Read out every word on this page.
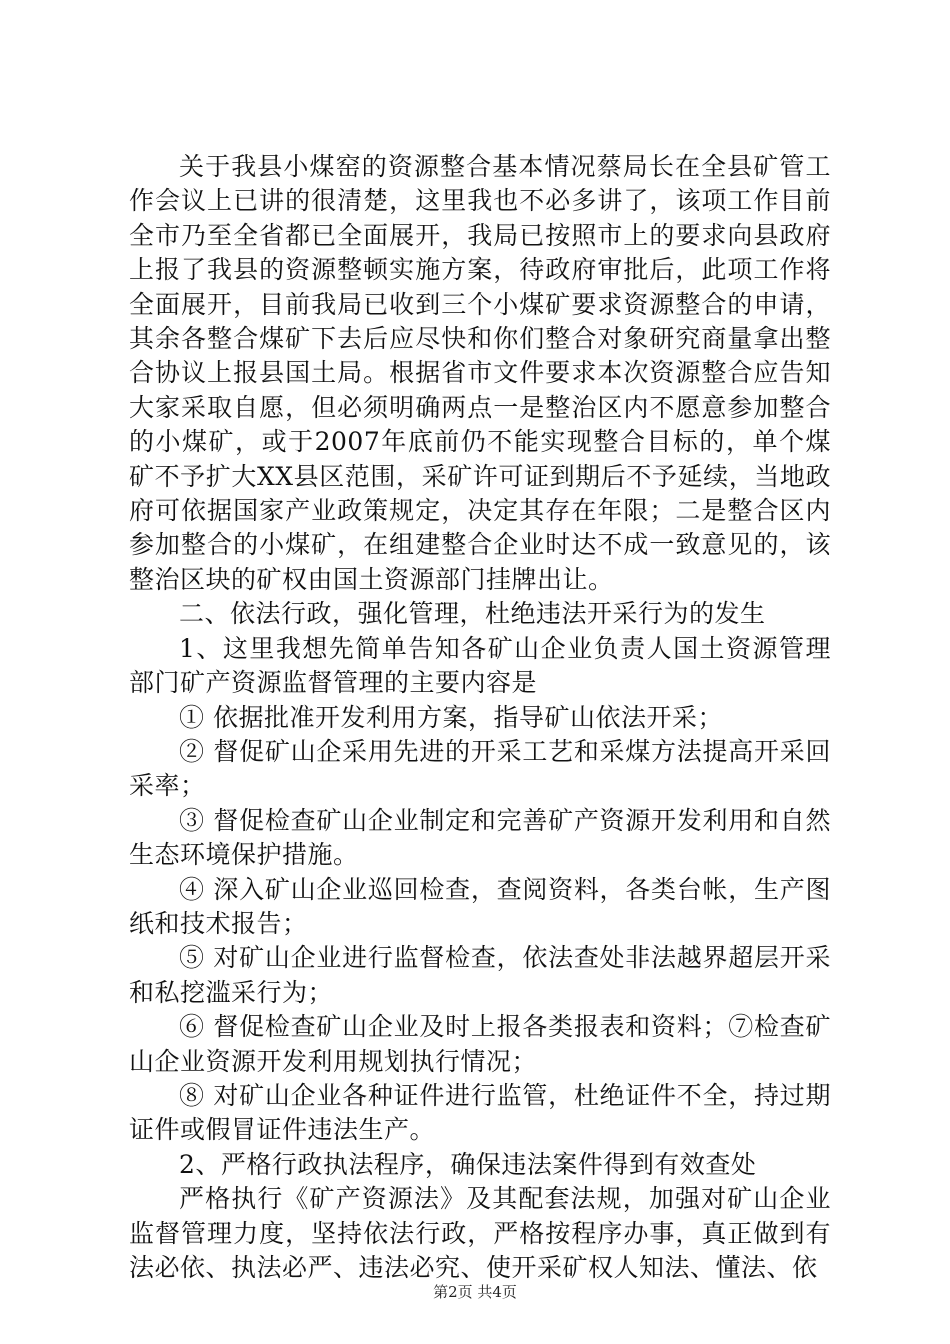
关于我县小煤窑的资源整合基本情况蔡局长在全县矿管工作会议上已讲的很清楚，这里我也不必多讲了，该项工作目前全市乃至全省都已全面展开，我局已按照市上的要求向县政府上报了我县的资源整顿实施方案，待政府审批后，此项工作将全面展开，目前我局已收到三个小煤矿要求资源整合的申请，其余各整合煤矿下去后应尽快和你们整合对象研究商量拿出整合协议上报县国土局。根据省市文件要求本次资源整合应告知大家采取自愿，但必须明确两点一是整治区内不愿意参加整合的小煤矿，或于2007年底前仍不能实现整合目标的，单个煤矿不予扩大XX县区范围，采矿许可证到期后不予延续，当地政府可依据国家产业政策规定，决定其存在年限；二是整合区内参加整合的小煤矿，在组建整合企业时达不成一致意见的，该整治区块的矿权由国土资源部门挂牌出让。

二、依法行政，强化管理，杜绝违法开采行为的发生

1、这里我想先简单告知各矿山企业负责人国土资源管理部门矿产资源监督管理的主要内容是

① 依据批准开发利用方案，指导矿山依法开采；

② 督促矿山企采用先进的开采工艺和采煤方法提高开采回采率；

③ 督促检查矿山企业制定和完善矿产资源开发利用和自然生态环境保护措施。

④ 深入矿山企业巡回检查，查阅资料，各类台帐，生产图纸和技术报告；

⑤ 对矿山企业进行监督检查，依法查处非法越界超层开采和私挖滥采行为；

⑥ 督促检查矿山企业及时上报各类报表和资料；⑦检查矿山企业资源开发利用规划执行情况；

⑧ 对矿山企业各种证件进行监管，杜绝证件不全，持过期证件或假冒证件违法生产。

2、严格行政执法程序，确保违法案件得到有效查处

严格执行《矿产资源法》及其配套法规，加强对矿山企业监督管理力度，坚持依法行政，严格按程序办事，真正做到有法必依、执法必严、违法必究、使开采矿权人知法、懂法、依

第2页 共4页
